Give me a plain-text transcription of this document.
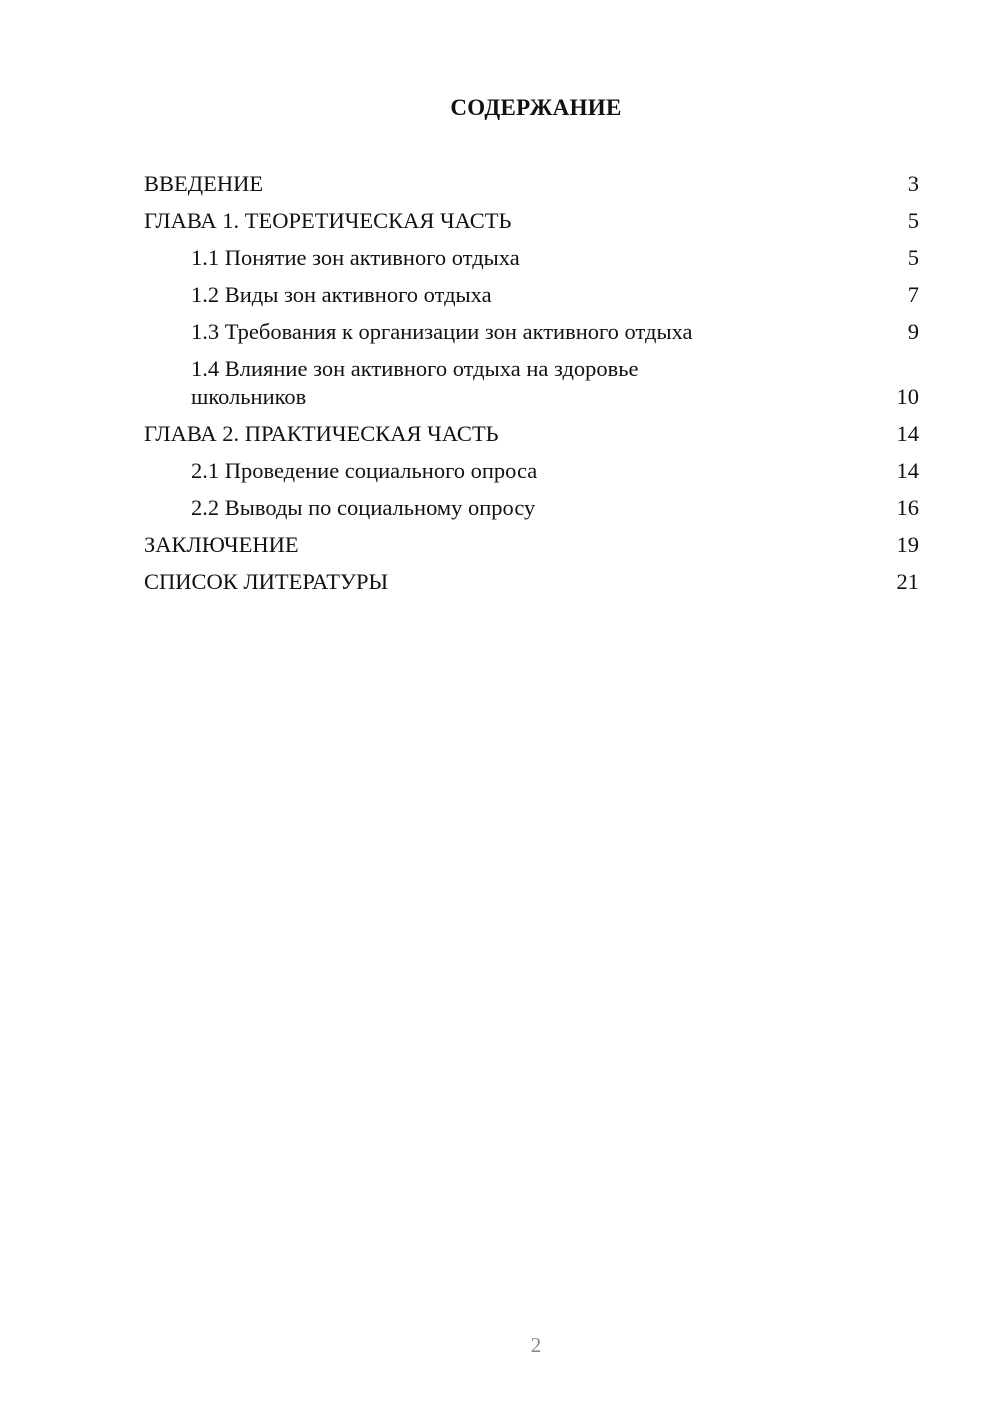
СОДЕРЖАНИЕ
ВВЕДЕНИЕ	3
ГЛАВА 1. ТЕОРЕТИЧЕСКАЯ ЧАСТЬ	5
1.1 Понятие зон активного отдыха	5
1.2 Виды зон активного отдыха	7
1.3 Требования к организации зон активного отдыха	9
1.4 Влияние зон активного отдыха на здоровье школьников	10
ГЛАВА 2. ПРАКТИЧЕСКАЯ ЧАСТЬ	14
2.1 Проведение социального опроса	14
2.2 Выводы по социальному опросу	16
ЗАКЛЮЧЕНИЕ	19
СПИСОК ЛИТЕРАТУРЫ	21
2
